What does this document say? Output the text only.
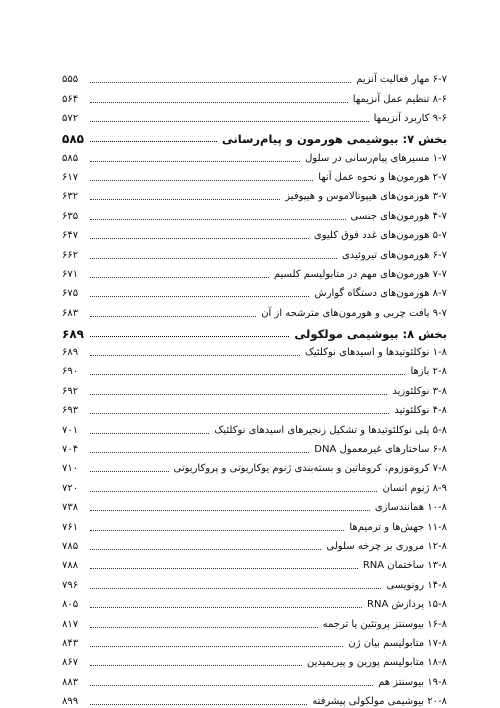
۶-۷ مهار فعالیت آنزیم
۵۵۵
۸-۶ تنظیم عمل آنزیمها
۵۶۴
۹-۶ کاربرد آنزیمها
۵۷۲
بخش ۷: بیوشیمی هورمون و پیام‌رسانی
۵۸۵
۱-۷ مسیرهای پیام‌رسانی در سلول
۵۸۵
۲-۷ هورمون‌ها و نحوه عمل آنها
۶۱۷
۳-۷ هورمون‌های هیپوتالاموس و هیپوفیز
۶۳۲
۴-۷ هورمون‌های جنسی
۶۳۵
۵-۷ هورمون‌های غدد فوق کلیوی
۶۴۷
۶-۷ هورمون‌های تیروئیدی
۶۶۲
۷-۷ هورمون‌های مهم در متابولیسم کلسیم
۶۷۱
۸-۷ هورمون‌های دستگاه گوارش
۶۷۵
۹-۷ بافت چربی و هورمون‌های مترشحه از آن
۶۸۳
بخش ۸: بیوشیمی مولکولی
۶۸۹
۱-۸ نوکلئوتیدها و اسیدهای نوکلئیک
۶۸۹
۲-۸ بازها
۶۹۰
۳-۸ نوکلئوزید
۶۹۲
۴-۸ نوکلئوتید
۶۹۳
۵-۸ پلی نوکلئوتیدها و تشکیل زنجیرهای اسیدهای نوکلئیک
۷۰۱
۶-۸ ساختارهای غیرمعمول DNA
۷۰۴
۷-۸ کروموزوم، کروماتین و بسته‌بندی ژنوم یوکاریوتی و پروکاریوتی
۷۱۰
۸-۹ ژنوم انسان
۷۲۰
۱۰-۸ همانندسازی
۷۳۸
۱۱-۸ جهش‌ها و ترمیم‌ها
۷۶۱
۱۲-۸ مروری بر چرخه سلولی
۷۸۵
۱۳-۸ ساختمان RNA
۷۸۸
۱۴-۸ رونویسی
۷۹۶
۱۵-۸ پردازش RNA
۸۰۵
۱۶-۸ بیوسنتز پروتئین یا ترجمه
۸۱۷
۱۷-۸ متابولیسم بیان ژن
۸۴۳
۱۸-۸ متابولیسم پورین و پیریمیدین
۸۶۷
۱۹-۸ بیوسنتز هم
۸۸۳
۲۰-۸ بیوشیمی مولکولی پیشرفته
۸۹۹
